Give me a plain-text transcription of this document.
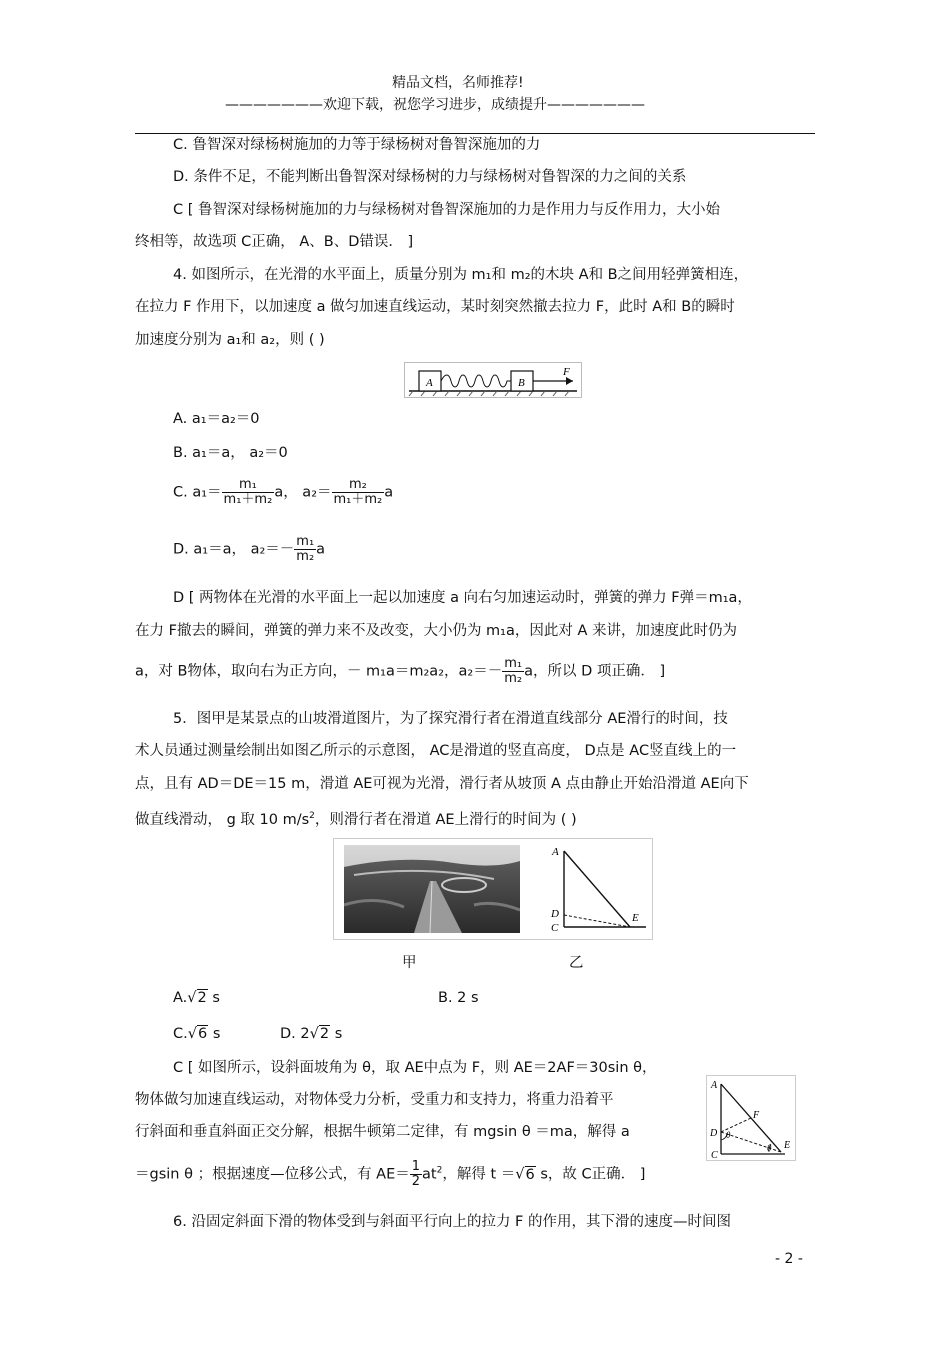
精品文档，名师推荐!
———————欢迎下载，祝您学习进步，成绩提升———————
C. 鲁智深对绿杨树施加的力等于绿杨树对鲁智深施加的力
D. 条件不足，不能判断出鲁智深对绿杨树的力与绿杨树对鲁智深的力之间的关系
C [ 鲁智深对绿杨树施加的力与绿杨树对鲁智深施加的力是作用力与反作用力，大小始
终相等，故选项 C正确， A、B、D错误． ]
4. 如图所示，在光滑的水平面上，质量分别为 m₁和 m₂的木块 A和 B之间用轻弹簧相连，
在拉力 F 作用下，以加速度 a 做匀加速直线运动，某时刻突然撤去拉力 F，此时 A和 B的瞬时
加速度分别为 a₁和 a₂，则 ( )
A	B
F
A. a₁＝a₂＝0
B. a₁＝a， a₂＝0
C. $a_1= \frac{\text{m₁}}{\text{m₁＋m₂}}$ a， $a_2= \frac{\text{m₂}}{\text{m₁＋m₂}}$ a
D. a₁＝a， $a_2=- \frac{\text{m₁}}{\text{m₂}}$ a
D [ 两物体在光滑的水平面上一起以加速度 a 向右匀加速运动时，弹簧的弹力 F弹＝m₁a，
在力 F撤去的瞬间，弹簧的弹力来不及改变，大小仍为 m₁a，因此对 A 来讲，加速度此时仍为
a，对 B物体，取向右为正方向，－ m₁a＝m₂a₂，$a_2=- \frac{\text{m₁}}{\text{m₂}}$ a，所以 D 项正确． ]
5．图甲是某景点的山坡滑道图片，为了探究滑行者在滑道直线部分 AE滑行的时间，技
术人员通过测量绘制出如图乙所示的示意图， AC是滑道的竖直高度， D点是 AC竖直线上的一
点，且有 AD＝DE＝15 m，滑道 AE可视为光滑，滑行者从坡顶 A 点由静止开始沿滑道 AE向下
做直线滑动， g 取 10 $m/s^2$，则滑行者在滑道 AE上滑行的时间为 ( )
A
D
C
E
甲	乙
A.√2 s	B. 2 s
C.√6 s	D. 2√2 s
C [ 如图所示，设斜面坡角为 θ，取 AE中点为 F，则 AE＝2AF＝30sin θ，
物体做匀加速直线运动，对物体受力分析，受重力和支持力，将重力沿着平
行斜面和垂直斜面正交分解，根据牛顿第二定律，有 mgsin θ ＝ma，解得 a
＝gsin θ ；根据速度—位移公式，有 $AE= \frac{1}{2} at^2$，解得 t ＝√6 s，故 C正确． ]
A
D
C
E
F
θ
θ
6. 沿固定斜面下滑的物体受到与斜面平行向上的拉力 F 的作用，其下滑的速度—时间图
- 2 -
